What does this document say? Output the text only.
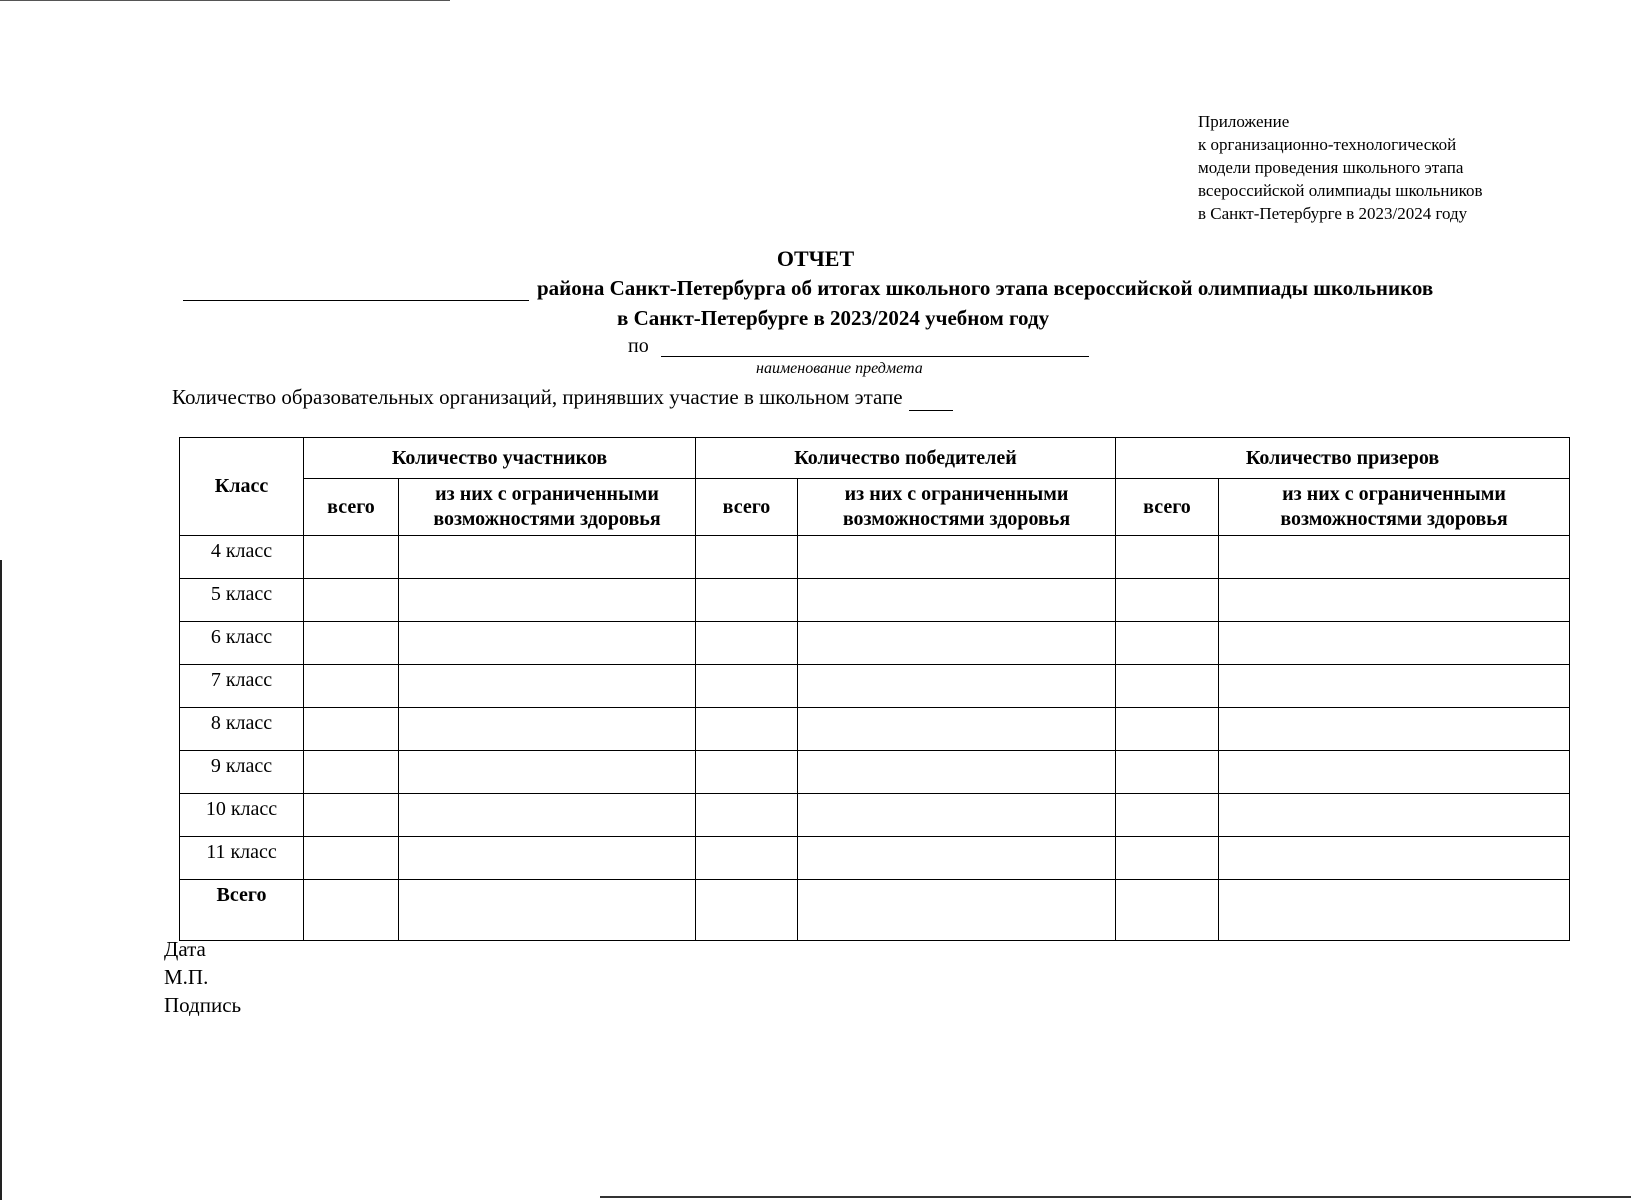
Приложение
к организационно-технологической
модели проведения школьного этапа
всероссийской олимпиады школьников
в Санкт-Петербурге в 2023/2024 году
ОТЧЕТ
района Санкт-Петербурга об итогах школьного этапа всероссийской олимпиады школьников
в Санкт-Петербурге в 2023/2024 учебном году
по
наименование предмета
Количество образовательных организаций, принявших участие в школьном этапе
Класс	Количество участников		Количество победителей		Количество призеров	
	всего	из них с ограниченными возможностями здоровья	всего	из них с ограниченными возможностями здоровья	всего	из них с ограниченными возможностями здоровья
4 класс						
5 класс						
6 класс						
7 класс						
8 класс						
9 класс						
10 класс						
11 класс						
Всего						
Дата
М.П.
Подпись
